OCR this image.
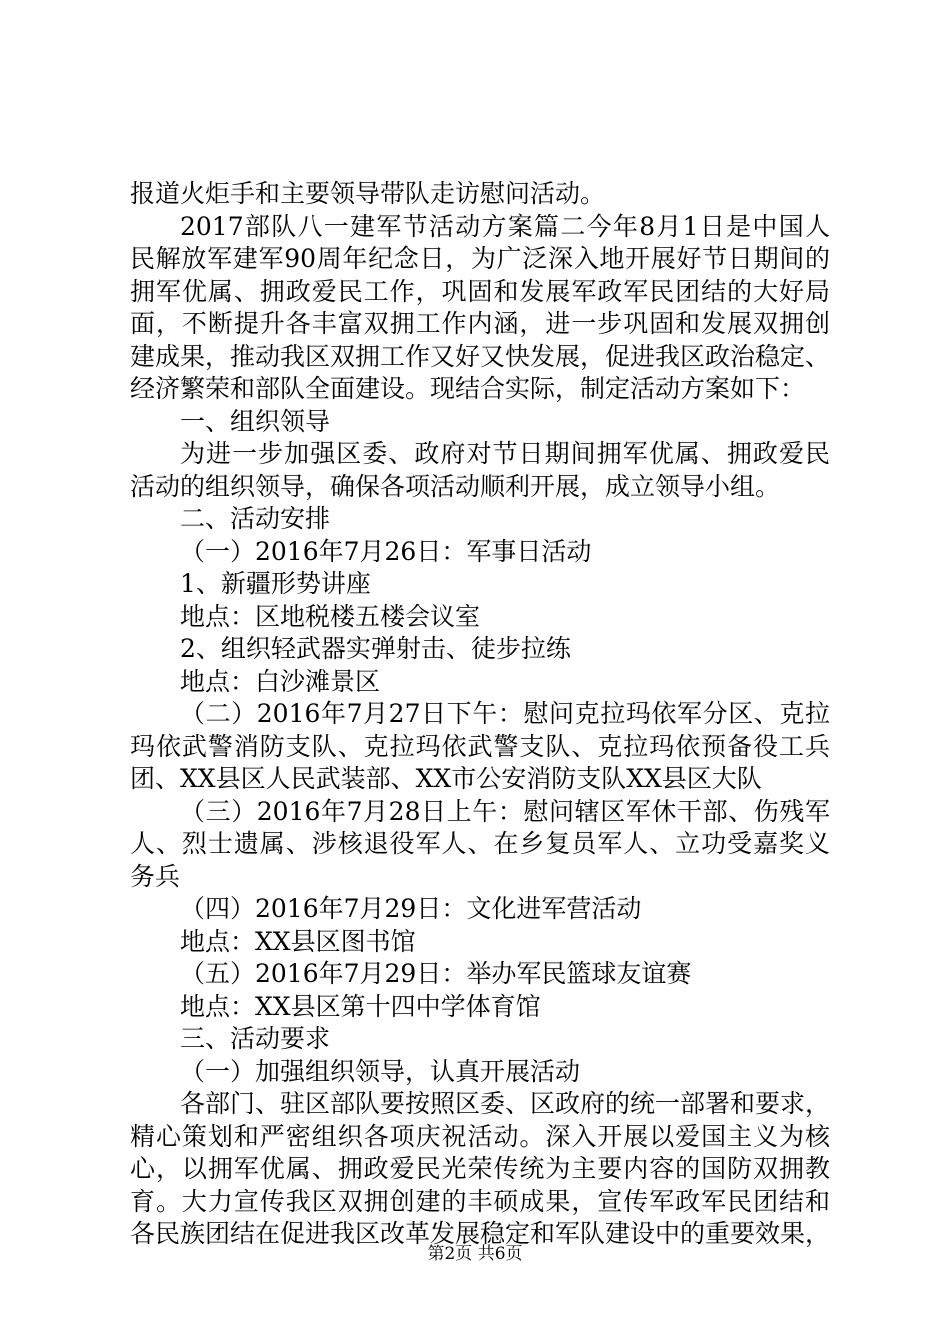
报道火炬手和主要领导带队走访慰问活动。
2017部队八一建军节活动方案篇二今年8月1日是中国人
民解放军建军90周年纪念日，为广泛深入地开展好节日期间的
拥军优属、拥政爱民工作，巩固和发展军政军民团结的大好局
面，不断提升各丰富双拥工作内涵，进一步巩固和发展双拥创
建成果，推动我区双拥工作又好又快发展，促进我区政治稳定、
经济繁荣和部队全面建设。现结合实际，制定活动方案如下：
一、组织领导
为进一步加强区委、政府对节日期间拥军优属、拥政爱民
活动的组织领导，确保各项活动顺利开展，成立领导小组。
二、活动安排
（一）2016年7月26日：军事日活动
1、新疆形势讲座
地点：区地税楼五楼会议室
2、组织轻武器实弹射击、徒步拉练
地点：白沙滩景区
（二）2016年7月27日下午：慰问克拉玛依军分区、克拉
玛依武警消防支队、克拉玛依武警支队、克拉玛依预备役工兵
团、XX县区人民武装部、XX市公安消防支队XX县区大队
（三）2016年7月28日上午：慰问辖区军休干部、伤残军
人、烈士遗属、涉核退役军人、在乡复员军人、立功受嘉奖义
务兵
（四）2016年7月29日：文化进军营活动
地点：XX县区图书馆
（五）2016年7月29日：举办军民篮球友谊赛
地点：XX县区第十四中学体育馆
三、活动要求
（一）加强组织领导，认真开展活动
各部门、驻区部队要按照区委、区政府的统一部署和要求，
精心策划和严密组织各项庆祝活动。深入开展以爱国主义为核
心，以拥军优属、拥政爱民光荣传统为主要内容的国防双拥教
育。大力宣传我区双拥创建的丰硕成果，宣传军政军民团结和
各民族团结在促进我区改革发展稳定和军队建设中的重要效果，
第2页 共6页
